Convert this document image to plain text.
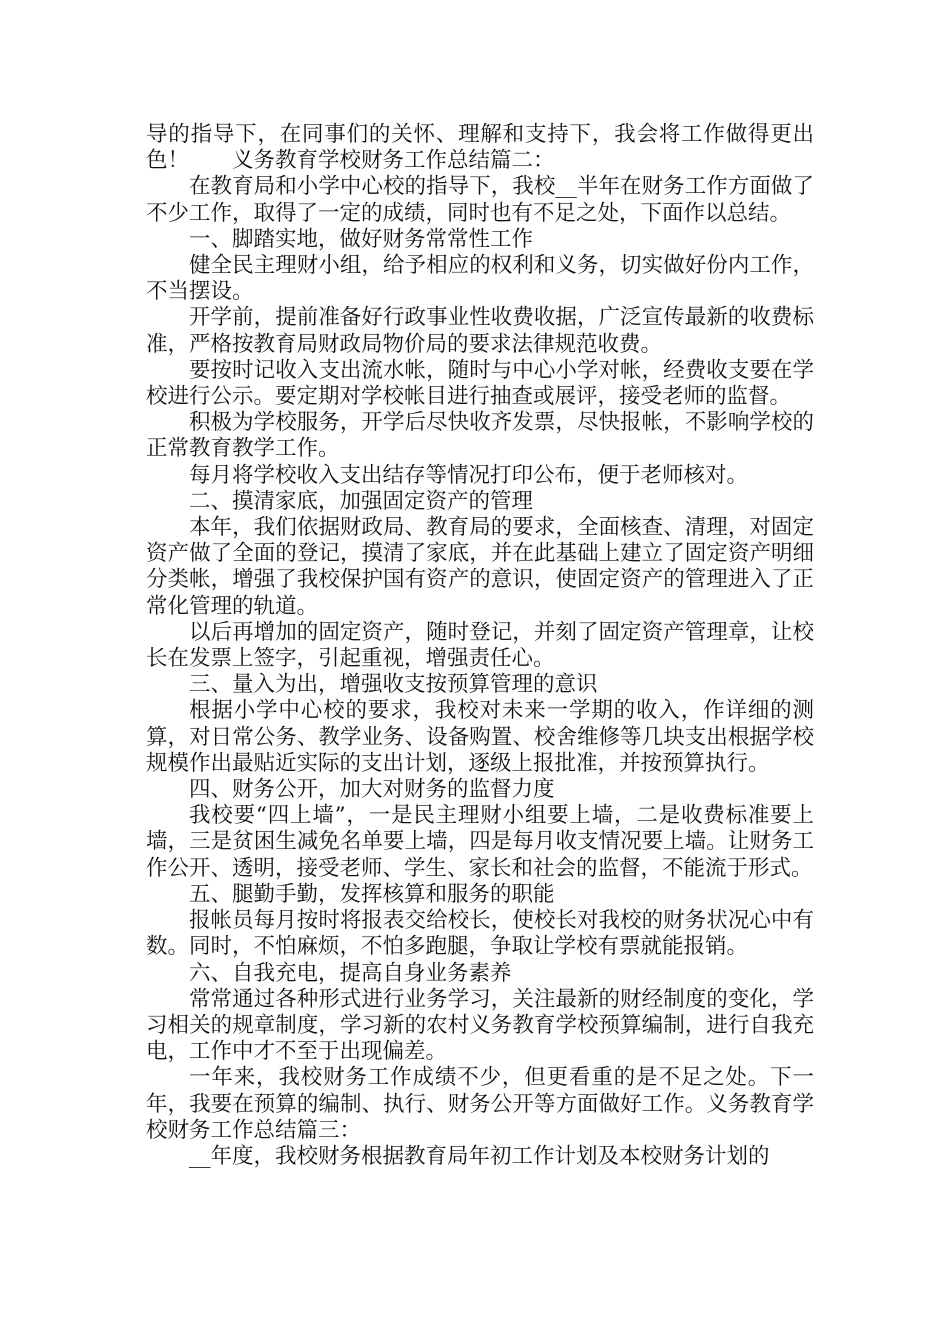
导的指导下，在同事们的关怀、理解和支持下，我会将工作做得更出色！　　义务教育学校财务工作总结篇二：

在教育局和小学中心校的指导下，我校__半年在财务工作方面做了不少工作，取得了一定的成绩，同时也有不足之处，下面作以总结。

一、脚踏实地，做好财务常常性工作

健全民主理财小组，给予相应的权利和义务，切实做好份内工作，不当摆设。

开学前，提前准备好行政事业性收费收据，广泛宣传最新的收费标准，严格按教育局财政局物价局的要求法律规范收费。

要按时记收入支出流水帐，随时与中心小学对帐，经费收支要在学校进行公示。要定期对学校帐目进行抽查或展评，接受老师的监督。

积极为学校服务，开学后尽快收齐发票，尽快报帐，不影响学校的正常教育教学工作。

每月将学校收入支出结存等情况打印公布，便于老师核对。

二、摸清家底，加强固定资产的管理

本年，我们依据财政局、教育局的要求，全面核查、清理，对固定资产做了全面的登记，摸清了家底，并在此基础上建立了固定资产明细分类帐，增强了我校保护国有资产的意识，使固定资产的管理进入了正常化管理的轨道。

以后再增加的固定资产，随时登记，并刻了固定资产管理章，让校长在发票上签字，引起重视，增强责任心。

三、量入为出，增强收支按预算管理的意识

根据小学中心校的要求，我校对未来一学期的收入，作详细的测算，对日常公务、教学业务、设备购置、校舍维修等几块支出根据学校规模作出最贴近实际的支出计划，逐级上报批准，并按预算执行。

四、财务公开，加大对财务的监督力度

我校要“四上墙”，一是民主理财小组要上墙，二是收费标准要上墙，三是贫困生减免名单要上墙，四是每月收支情况要上墙。让财务工作公开、透明，接受老师、学生、家长和社会的监督，不能流于形式。

五、腿勤手勤，发挥核算和服务的职能

报帐员每月按时将报表交给校长，使校长对我校的财务状况心中有数。同时，不怕麻烦，不怕多跑腿，争取让学校有票就能报销。

六、自我充电，提高自身业务素养

常常通过各种形式进行业务学习，关注最新的财经制度的变化，学习相关的规章制度，学习新的农村义务教育学校预算编制，进行自我充电，工作中才不至于出现偏差。

一年来，我校财务工作成绩不少，但更看重的是不足之处。下一年，我要在预算的编制、执行、财务公开等方面做好工作。义务教育学校财务工作总结篇三：

__年度，我校财务根据教育局年初工作计划及本校财务计划的
